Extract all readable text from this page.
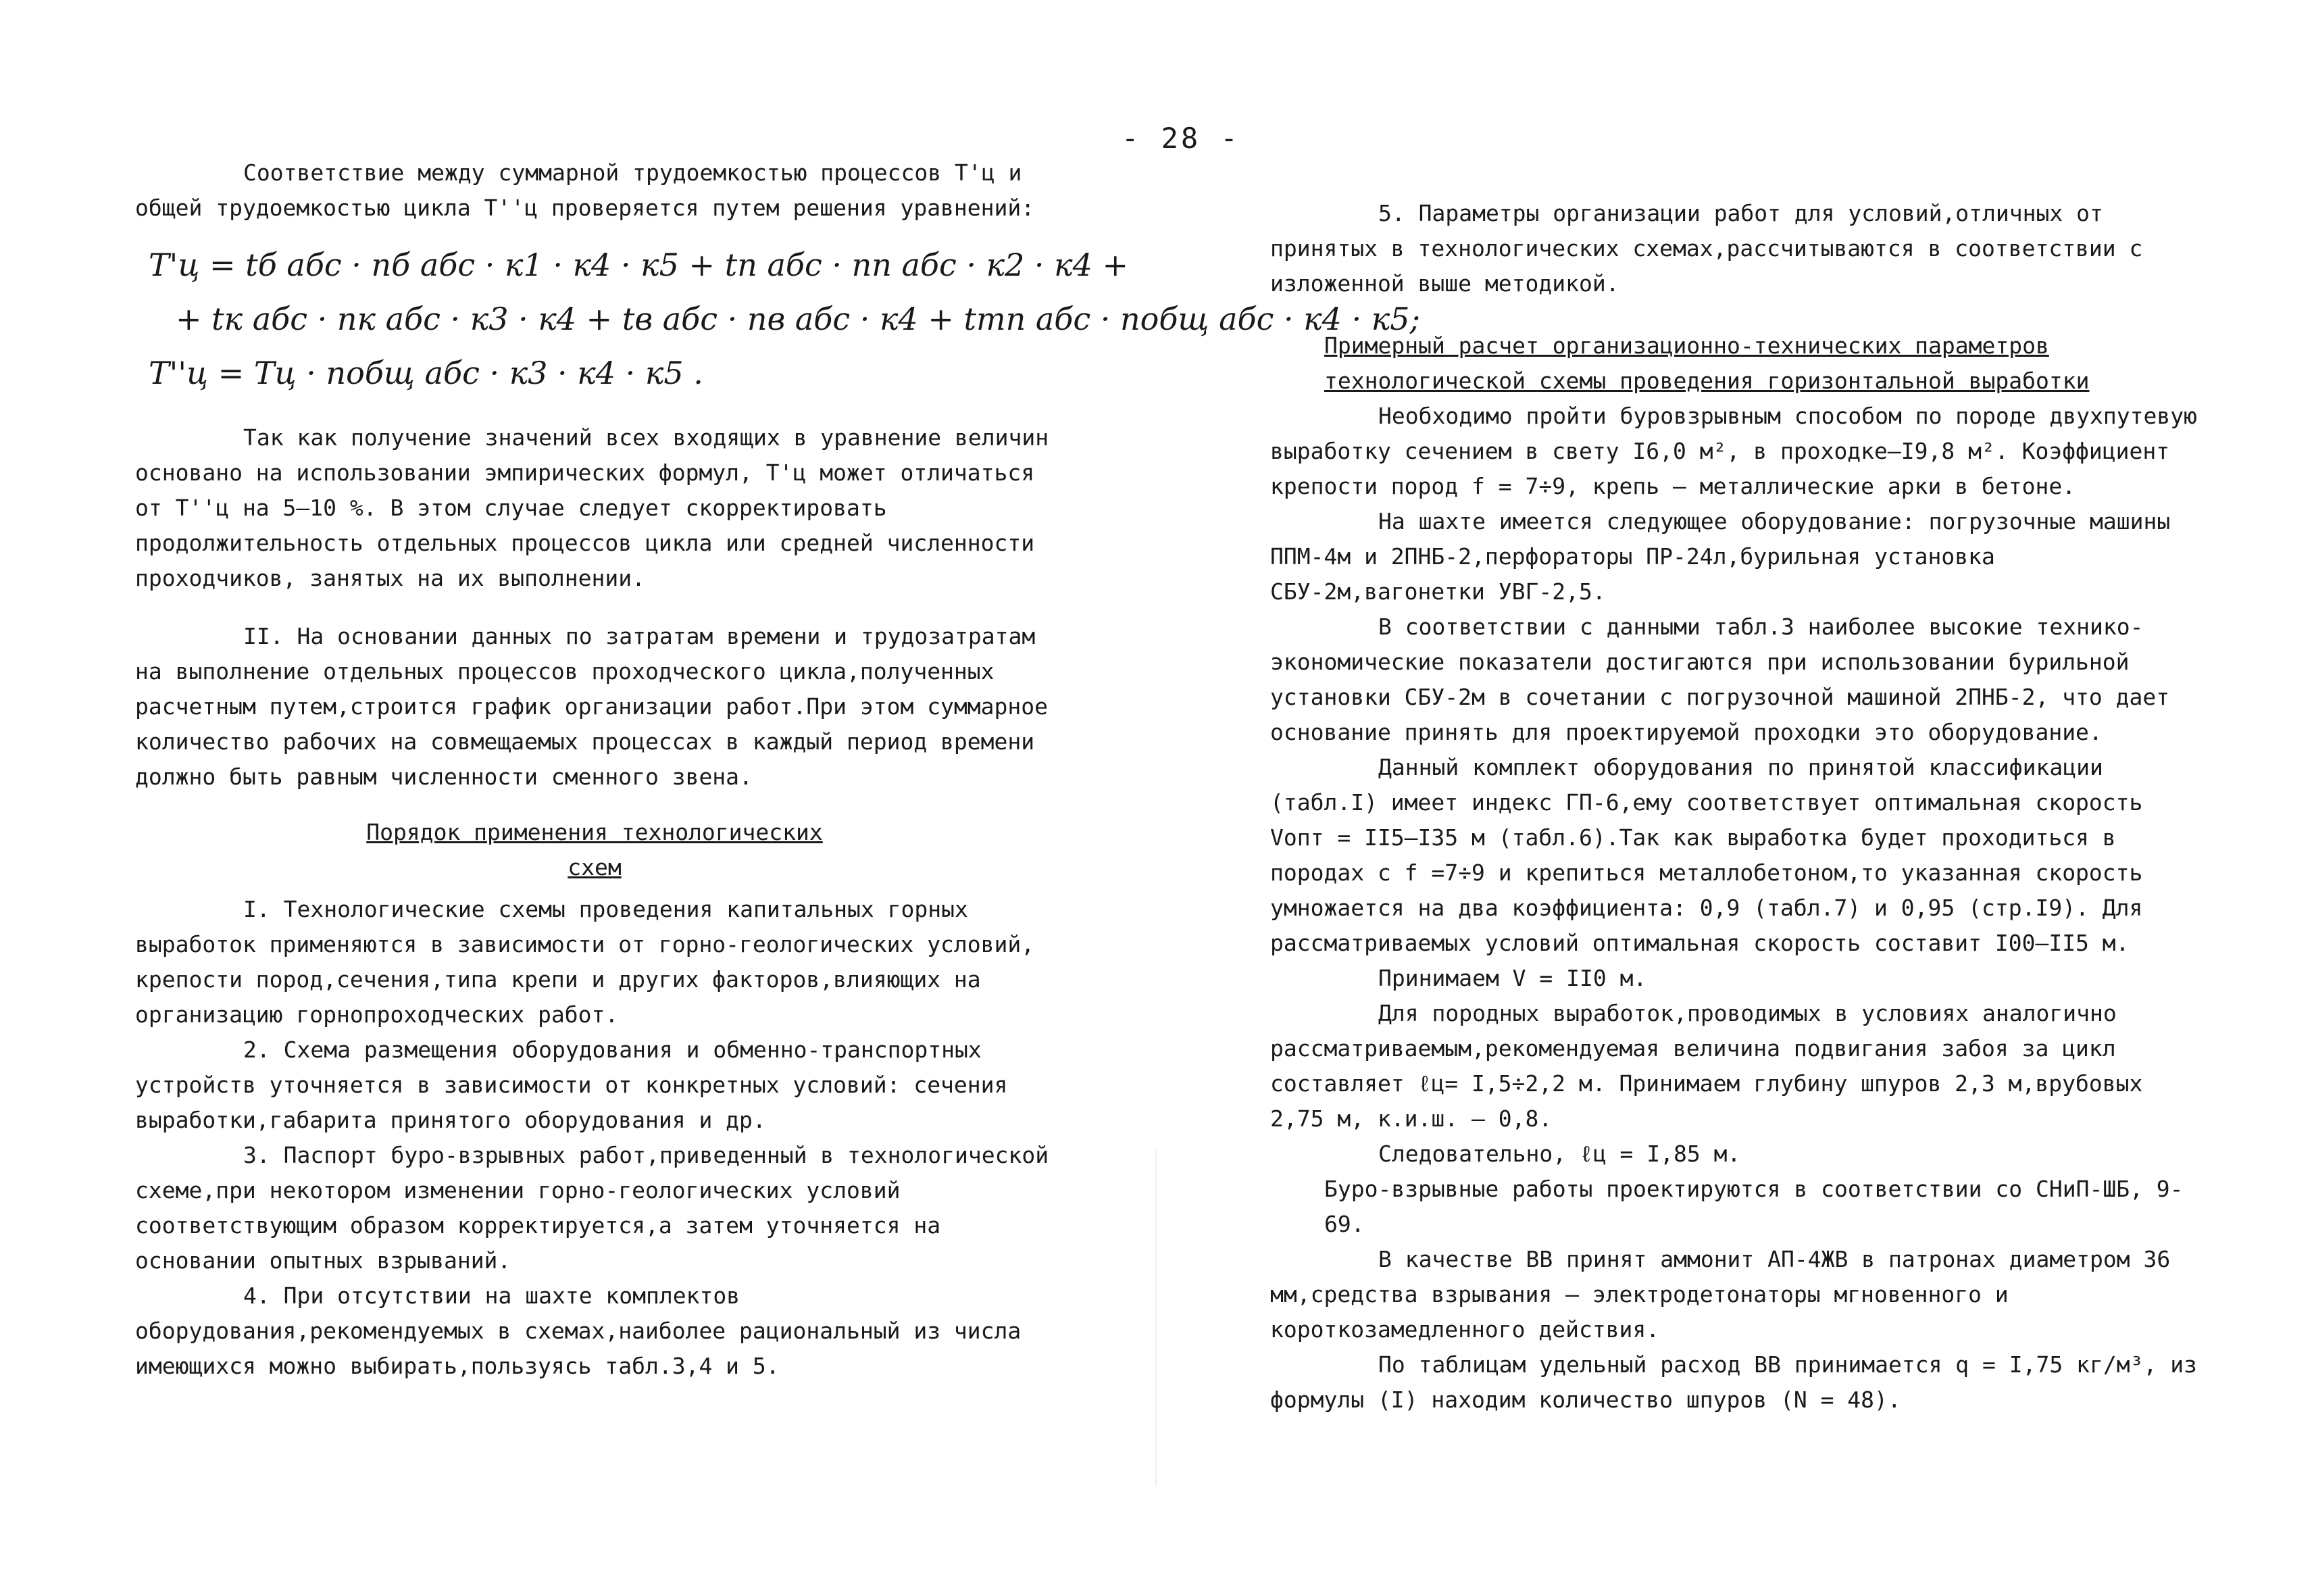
- 28 -

Соответствие между суммарной трудоемкостью процессов Т'ц и общей трудоемкостью цикла Т''ц проверяется путем решения уравнений:

Т'ц = tб абс · nб абс · к1 · к4 · к5 + tп абс · nп абс · к2 · к4 +
+ tк абс · nк абс · к3 · к4 + tв абс · nв абс · к4 + tтп абс · nобщ абс · к4 · к5;
Т''ц = Тц · nобщ абс · к3 · к4 · к5 .

Так как получение значений всех входящих в уравнение величин основано на использовании эмпирических формул, Т'ц может отличаться от Т''ц на 5–10 %. В этом случае следует скорректировать продолжительность отдельных процессов цикла или средней численности проходчиков, занятых на их выполнении.

II. На основании данных по затратам времени и трудозатратам на выполнение отдельных процессов проходческого цикла,полученных расчетным путем,строится график организации работ.При этом суммарное количество рабочих на совмещаемых процессах в каждый период времени должно быть равным численности сменного звена.

Порядок применения технологических схем

I. Технологические схемы проведения капитальных горных выработок применяются в зависимости от горно-геологических условий, крепости пород,сечения,типа крепи и других факторов,влияющих на организацию горнопроходческих работ.

2. Схема размещения оборудования и обменно-транспортных устройств уточняется в зависимости от конкретных условий: сечения выработки,габарита принятого оборудования и др.

3. Паспорт буро-взрывных работ,приведенный в технологической схеме,при некотором изменении горно-геологических условий соответствующим образом корректируется,а затем уточняется на основании опытных взрываний.

4. При отсутствии на шахте комплектов оборудования,рекомендуемых в схемах,наиболее рациональный из числа имеющихся можно выбирать,пользуясь табл.3,4 и 5.

5. Параметры организации работ для условий,отличных от принятых в технологических схемах,рассчитываются в соответствии с изложенной выше методикой.

Примерный расчет организационно-технических параметров технологической схемы проведения горизонтальной выработки

Необходимо пройти буровзрывным способом по породе двухпутевую выработку сечением в свету I6,0 м², в проходке–I9,8 м². Коэффициент крепости пород f = 7÷9, крепь – металлические арки в бетоне.

На шахте имеется следующее оборудование: погрузочные машины ППМ-4м и 2ПНБ-2,перфораторы ПР-24л,бурильная установка СБУ-2м,вагонетки УВГ-2,5.

В соответствии с данными табл.3 наиболее высокие технико-экономические показатели достигаются при использовании бурильной установки СБУ-2м в сочетании с погрузочной машиной 2ПНБ-2, что дает основание принять для проектируемой проходки это оборудование.

Данный комплект оборудования по принятой классификации (табл.I) имеет индекс ГП-6,ему соответствует оптимальная скорость Vопт = II5–I35 м (табл.6).Так как выработка будет проходиться в породах с f =7÷9 и крепиться металлобетоном,то указанная скорость умножается на два коэффициента: 0,9 (табл.7) и 0,95 (стр.I9). Для рассматриваемых условий оптимальная скорость составит I00–II5 м.

Принимаем V = II0 м.

Для породных выработок,проводимых в условиях аналогично рассматриваемым,рекомендуемая величина подвигания забоя за цикл составляет ℓц= I,5÷2,2 м. Принимаем глубину шпуров 2,3 м,врубовых 2,75 м, к.и.ш. – 0,8.

Следовательно, ℓц = I,85 м.

Буро-взрывные работы проектируются в соответствии со СНиП-ШБ, 9-69.

В качестве ВВ принят аммонит АП-4ЖВ в патронах диаметром 36 мм,средства взрывания – электродетонаторы мгновенного и короткозамедленного действия.

По таблицам удельный расход ВВ принимается q = I,75 кг/м³, из формулы (I) находим количество шпуров (N = 48).
